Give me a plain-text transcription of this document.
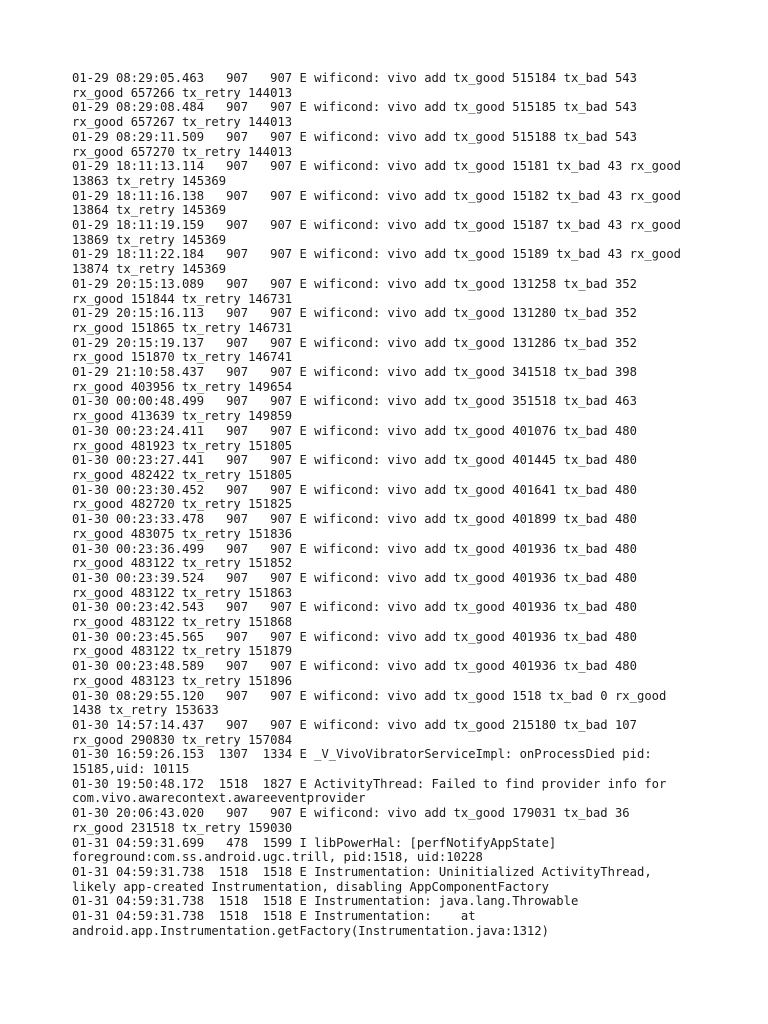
01-29 08:29:05.463   907   907 E wificond: vivo add tx_good 515184 tx_bad 543
rx_good 657266 tx_retry 144013
01-29 08:29:08.484   907   907 E wificond: vivo add tx_good 515185 tx_bad 543
rx_good 657267 tx_retry 144013
01-29 08:29:11.509   907   907 E wificond: vivo add tx_good 515188 tx_bad 543
rx_good 657270 tx_retry 144013
01-29 18:11:13.114   907   907 E wificond: vivo add tx_good 15181 tx_bad 43 rx_good
13863 tx_retry 145369
01-29 18:11:16.138   907   907 E wificond: vivo add tx_good 15182 tx_bad 43 rx_good
13864 tx_retry 145369
01-29 18:11:19.159   907   907 E wificond: vivo add tx_good 15187 tx_bad 43 rx_good
13869 tx_retry 145369
01-29 18:11:22.184   907   907 E wificond: vivo add tx_good 15189 tx_bad 43 rx_good
13874 tx_retry 145369
01-29 20:15:13.089   907   907 E wificond: vivo add tx_good 131258 tx_bad 352
rx_good 151844 tx_retry 146731
01-29 20:15:16.113   907   907 E wificond: vivo add tx_good 131280 tx_bad 352
rx_good 151865 tx_retry 146731
01-29 20:15:19.137   907   907 E wificond: vivo add tx_good 131286 tx_bad 352
rx_good 151870 tx_retry 146741
01-29 21:10:58.437   907   907 E wificond: vivo add tx_good 341518 tx_bad 398
rx_good 403956 tx_retry 149654
01-30 00:00:48.499   907   907 E wificond: vivo add tx_good 351518 tx_bad 463
rx_good 413639 tx_retry 149859
01-30 00:23:24.411   907   907 E wificond: vivo add tx_good 401076 tx_bad 480
rx_good 481923 tx_retry 151805
01-30 00:23:27.441   907   907 E wificond: vivo add tx_good 401445 tx_bad 480
rx_good 482422 tx_retry 151805
01-30 00:23:30.452   907   907 E wificond: vivo add tx_good 401641 tx_bad 480
rx_good 482720 tx_retry 151825
01-30 00:23:33.478   907   907 E wificond: vivo add tx_good 401899 tx_bad 480
rx_good 483075 tx_retry 151836
01-30 00:23:36.499   907   907 E wificond: vivo add tx_good 401936 tx_bad 480
rx_good 483122 tx_retry 151852
01-30 00:23:39.524   907   907 E wificond: vivo add tx_good 401936 tx_bad 480
rx_good 483122 tx_retry 151863
01-30 00:23:42.543   907   907 E wificond: vivo add tx_good 401936 tx_bad 480
rx_good 483122 tx_retry 151868
01-30 00:23:45.565   907   907 E wificond: vivo add tx_good 401936 tx_bad 480
rx_good 483122 tx_retry 151879
01-30 00:23:48.589   907   907 E wificond: vivo add tx_good 401936 tx_bad 480
rx_good 483123 tx_retry 151896
01-30 08:29:55.120   907   907 E wificond: vivo add tx_good 1518 tx_bad 0 rx_good
1438 tx_retry 153633
01-30 14:57:14.437   907   907 E wificond: vivo add tx_good 215180 tx_bad 107
rx_good 290830 tx_retry 157084
01-30 16:59:26.153  1307  1334 E _V_VivoVibratorServiceImpl: onProcessDied pid:
15185,uid: 10115
01-30 19:50:48.172  1518  1827 E ActivityThread: Failed to find provider info for
com.vivo.awarecontext.awareeventprovider
01-30 20:06:43.020   907   907 E wificond: vivo add tx_good 179031 tx_bad 36
rx_good 231518 tx_retry 159030
01-31 04:59:31.699   478  1599 I libPowerHal: [perfNotifyAppState]
foreground:com.ss.android.ugc.trill, pid:1518, uid:10228
01-31 04:59:31.738  1518  1518 E Instrumentation: Uninitialized ActivityThread,
likely app-created Instrumentation, disabling AppComponentFactory
01-31 04:59:31.738  1518  1518 E Instrumentation: java.lang.Throwable
01-31 04:59:31.738  1518  1518 E Instrumentation:    at
android.app.Instrumentation.getFactory(Instrumentation.java:1312)
